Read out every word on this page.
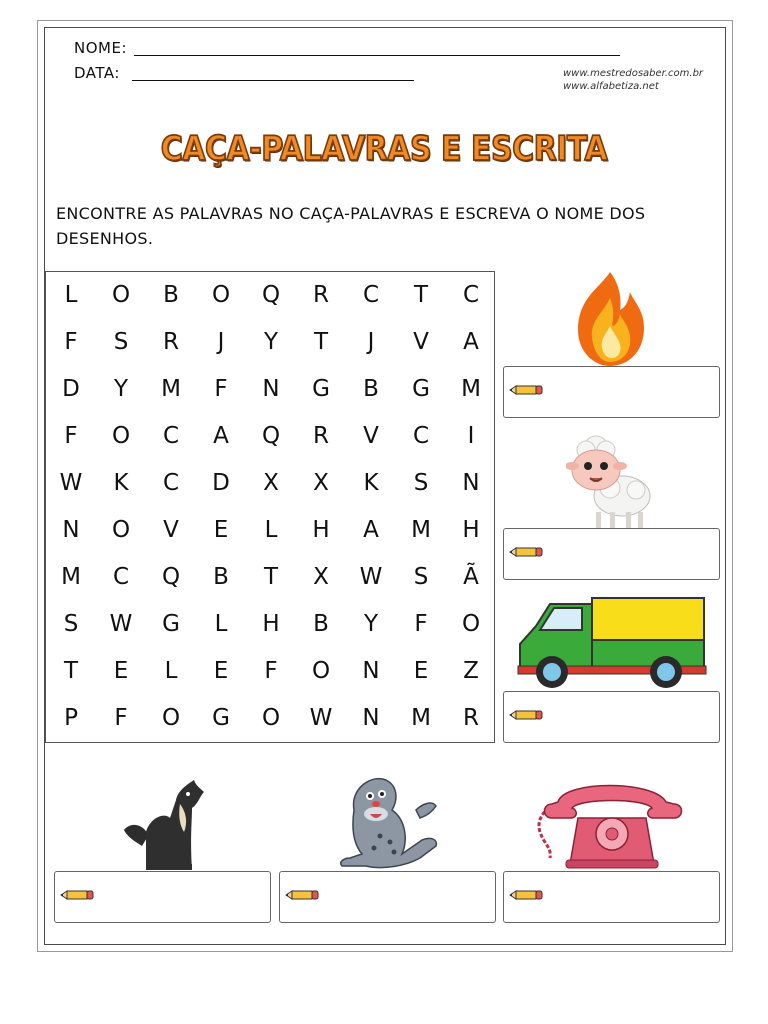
NOME:
DATA:	www.mestredosaber.com.br
www.alfabetiza.net
CAÇA-PALAVRAS E ESCRITA
ENCONTRE AS PALAVRAS NO CAÇA-PALAVRAS E ESCREVA O NOME DOS DESENHOS.
L	O	B	O	Q	R	C	T	C
F	S	R	J	Y	T	J	V	A
D	Y	M	F	N	G	B	G	M
F	O	C	A	Q	R	V	C	I
W	K	C	D	X	X	K	S	N
N	O	V	E	L	H	A	M	H
M	C	Q	B	T	X	W	S	Ã
S	W	G	L	H	B	Y	F	O
T	E	L	E	F	O	N	E	Z
P	F	O	G	O	W	N	M	R
